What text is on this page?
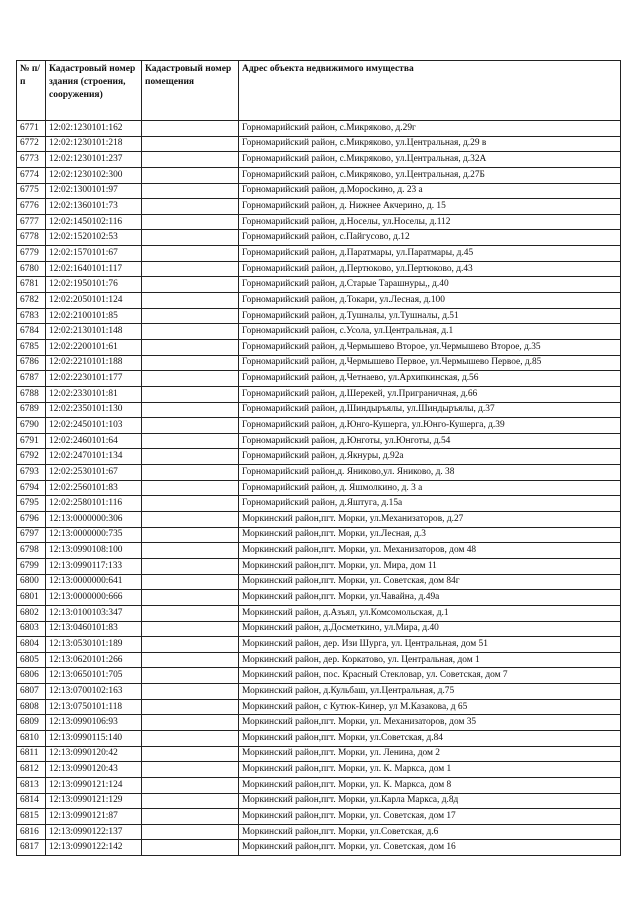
№ п/п	Кадастровый номер здания (строения, сооружения)	Кадастровый номер помещения	Адрес объекта недвижимого имущества
6771	12:02:1230101:162		Горномарийский район, с.Микряково, д.29г
6772	12:02:1230101:218		Горномарийский район, с.Микряково, ул.Центральная, д.29 в
6773	12:02:1230101:237		Горномарийский район, с.Микряково, ул.Центральная, д.32А
6774	12:02:1230102:300		Горномарийский район, с.Микряково, ул.Центральная, д.27Б
6775	12:02:1300101:97		Горномарийский район, д.Моросkино, д. 23 а
6776	12:02:1360101:73		Горномарийский район, д. Нижнее Акчерино, д. 15
6777	12:02:1450102:116		Горномарийский район, д.Носелы, ул.Носелы, д.112
6778	12:02:1520102:53		Горномарийский район, с.Пайгусово, д.12
6779	12:02:1570101:67		Горномарийский район, д.Паратмары, ул.Паратмары, д.45
6780	12:02:1640101:117		Горномарийский район, д.Пертюково, ул.Пертюково, д.43
6781	12:02:1950101:76		Горномарийский район, д.Старые Тарашнуры,, д.40
6782	12:02:2050101:124		Горномарийский район, д.Токари, ул.Лесная, д.100
6783	12:02:2100101:85		Горномарийский район, д.Тушналы, ул.Тушналы, д.51
6784	12:02:2130101:148		Горномарийский район, с.Усола, ул.Центральная, д.1
6785	12:02:2200101:61		Горномарийский район, д.Чермышево Второе, ул.Чермышево Второе, д.35
6786	12:02:2210101:188		Горномарийский район, д.Чермышево Первое, ул.Чермышево Первое, д.85
6787	12:02:2230101:177		Горномарийский район, д.Четнаево, ул.Архипкинская, д.56
6788	12:02:2330101:81		Горномарийский район, д.Шерекей, ул.Приграничная, д.66
6789	12:02:2350101:130		Горномарийский район, д.Шиндыръялы, ул.Шиндыръялы, д.37
6790	12:02:2450101:103		Горномарийский район, д.Юнго-Кушерга, ул.Юнго-Кушерга, д.39
6791	12:02:2460101:64		Горномарийский район, д.Юнготы, ул.Юнготы, д.54
6792	12:02:2470101:134		Горномарийский район, д.Якнуры, д.92а
6793	12:02:2530101:67		Горномарийский район,д. Яниково,ул. Яниково, д. 38
6794	12:02:2560101:83		Горномарийский район, д. Яшмолкино, д. 3 а
6795	12:02:2580101:116		Горномарийский район, д.Яштуга, д.15а
6796	12:13:0000000:306		Моркинский район,пгт. Морки, ул.Механизаторов, д.27
6797	12:13:0000000:735		Моркинский район,пгт. Морки, ул.Лесная, д.3
6798	12:13:0990108:100		Моркинский район,пгт. Морки, ул. Механизаторов, дом 48
6799	12:13:0990117:133		Моркинский район,пгт. Морки, ул. Мира, дом 11
6800	12:13:0000000:641		Моркинский район,пгт. Морки, ул. Советская, дом 84г
6801	12:13:0000000:666		Моркинский район,пгт. Морки, ул.Чавайна, д.49а
6802	12:13:0100103:347		Моркинский район, д.Азъял, ул.Комсомольская, д.1
6803	12:13:0460101:83		Моркинский район, д.Досметкино, ул.Мира, д.40
6804	12:13:0530101:189		Моркинский район, дер. Изи Шурга, ул. Центральная, дом 51
6805	12:13:0620101:266		Моркинский район, дер. Коркатово, ул. Центральная, дом 1
6806	12:13:0650101:705		Моркинский район, пос. Красный Стекловар, ул. Советская, дом 7
6807	12:13:0700102:163		Моркинский район, д.Кульбаш, ул.Центральная, д.75
6808	12:13:0750101:118		Моркинский район, с Кутюк-Кинер, ул М.Казакова, д 65
6809	12:13:0990106:93		Моркинский район,пгт. Морки, ул. Механизаторов, дом 35
6810	12:13:0990115:140		Моркинский район,пгт. Морки, ул.Советская, д.84
6811	12:13:0990120:42		Моркинский район,пгт. Морки, ул. Ленина, дом 2
6812	12:13:0990120:43		Моркинский район,пгт. Морки, ул. К. Маркса, дом 1
6813	12:13:0990121:124		Моркинский район,пгт. Морки, ул. К. Маркса, дом 8
6814	12:13:0990121:129		Моркинский район,пгт. Морки, ул.Карла Маркса, д.8д
6815	12:13:0990121:87		Моркинский район,пгт. Морки, ул. Советская, дом 17
6816	12:13:0990122:137		Моркинский район,пгт. Морки, ул.Советская, д.6
6817	12:13:0990122:142		Моркинский район,пгт. Морки, ул. Советская, дом 16
